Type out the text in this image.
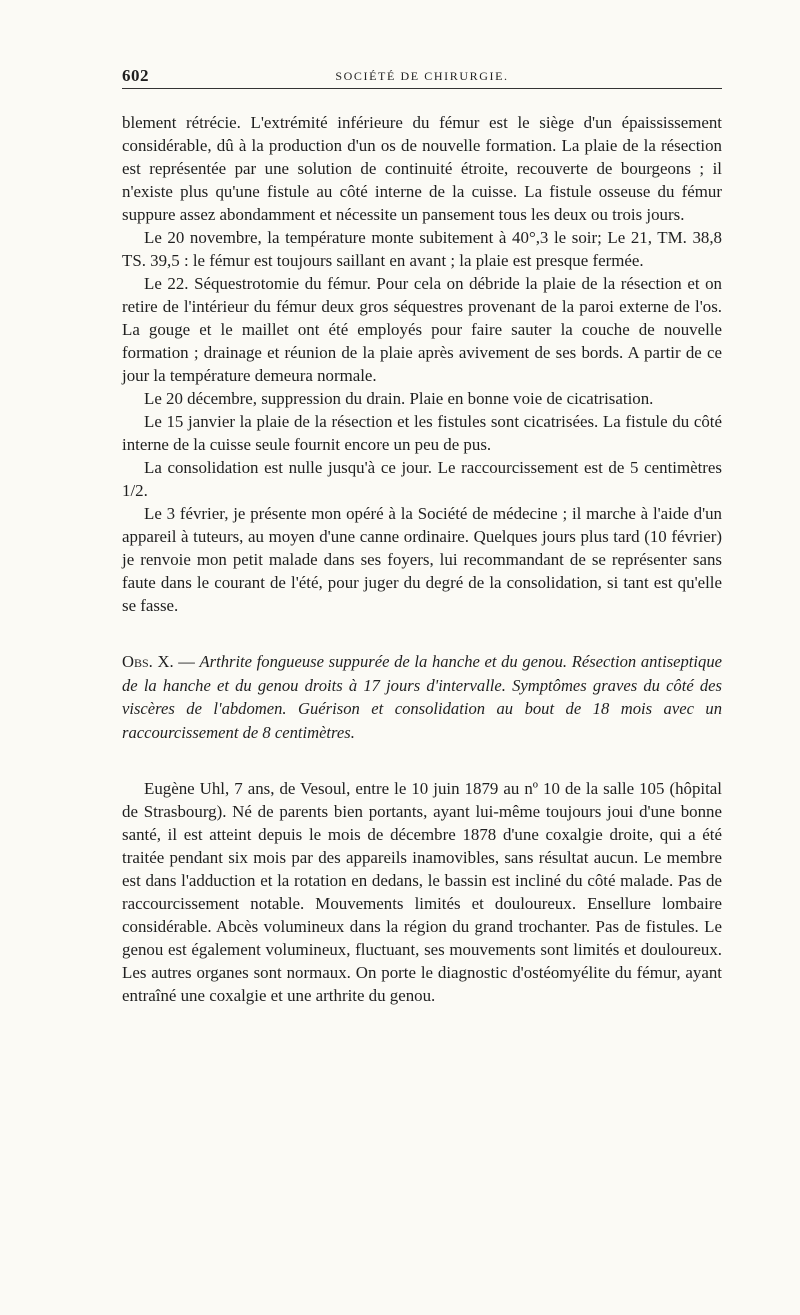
602	SOCIÉTÉ DE CHIRURGIE.

blement rétrécie. L'extrémité inférieure du fémur est le siège d'un épaississement considérable, dû à la production d'un os de nouvelle formation. La plaie de la résection est représentée par une solution de continuité étroite, recouverte de bourgeons ; il n'existe plus qu'une fistule au côté interne de la cuisse. La fistule osseuse du fémur suppure assez abondamment et nécessite un pansement tous les deux ou trois jours.

Le 20 novembre, la température monte subitement à 40°,3 le soir; Le 21, TM. 38,8 TS. 39,5 : le fémur est toujours saillant en avant ; la plaie est presque fermée.

Le 22. Séquestrotomie du fémur. Pour cela on débride la plaie de la résection et on retire de l'intérieur du fémur deux gros séquestres provenant de la paroi externe de l'os. La gouge et le maillet ont été employés pour faire sauter la couche de nouvelle formation ; drainage et réunion de la plaie après avivement de ses bords. A partir de ce jour la température demeura normale.

Le 20 décembre, suppression du drain. Plaie en bonne voie de cicatrisation.

Le 15 janvier la plaie de la résection et les fistules sont cicatrisées. La fistule du côté interne de la cuisse seule fournit encore un peu de pus.

La consolidation est nulle jusqu'à ce jour. Le raccourcissement est de 5 centimètres 1/2.

Le 3 février, je présente mon opéré à la Société de médecine ; il marche à l'aide d'un appareil à tuteurs, au moyen d'une canne ordinaire. Quelques jours plus tard (10 février) je renvoie mon petit malade dans ses foyers, lui recommandant de se représenter sans faute dans le courant de l'été, pour juger du degré de la consolidation, si tant est qu'elle se fasse.

Obs. X. — Arthrite fongueuse suppurée de la hanche et du genou. Résection antiseptique de la hanche et du genou droits à 17 jours d'intervalle. Symptômes graves du côté des viscères de l'abdomen. Guérison et consolidation au bout de 18 mois avec un raccourcissement de 8 centimètres.

Eugène Uhl, 7 ans, de Vesoul, entre le 10 juin 1879 au nº 10 de la salle 105 (hôpital de Strasbourg). Né de parents bien portants, ayant lui-même toujours joui d'une bonne santé, il est atteint depuis le mois de décembre 1878 d'une coxalgie droite, qui a été traitée pendant six mois par des appareils inamovibles, sans résultat aucun. Le membre est dans l'adduction et la rotation en dedans, le bassin est incliné du côté malade. Pas de raccourcissement notable. Mouvements limités et douloureux. Ensellure lombaire considérable. Abcès volumineux dans la région du grand trochanter. Pas de fistules. Le genou est également volumineux, fluctuant, ses mouvements sont limités et douloureux. Les autres organes sont normaux. On porte le diagnostic d'ostéomyélite du fémur, ayant entraîné une coxalgie et une arthrite du genou.
